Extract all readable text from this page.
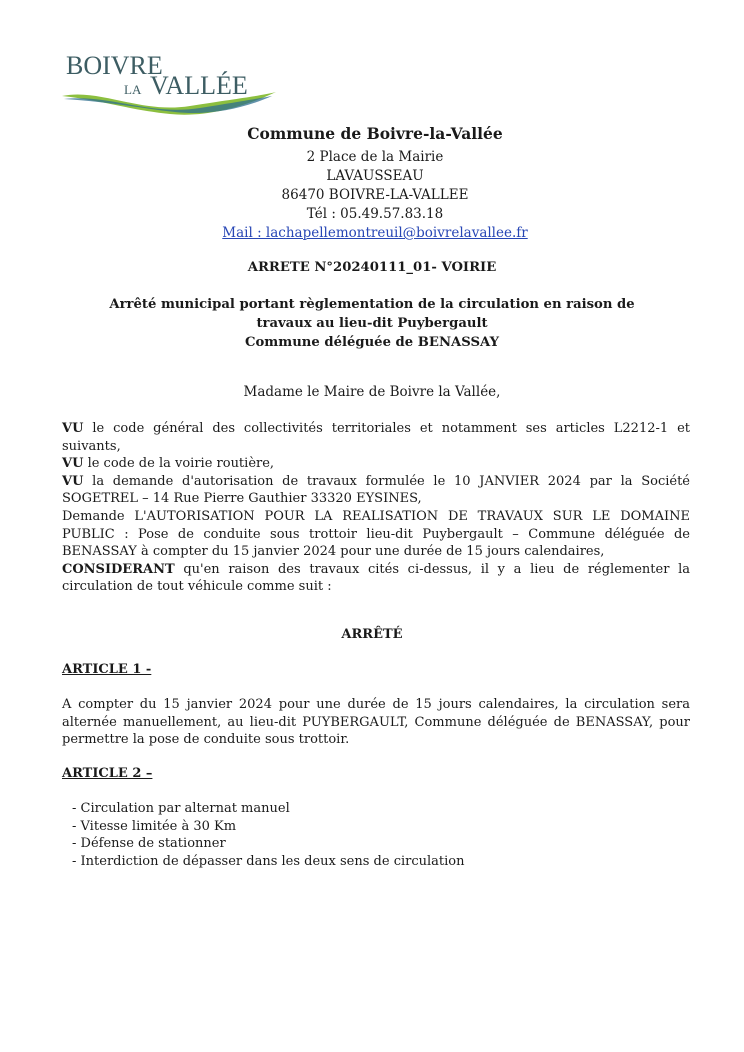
BOIVRE
LA VALLÉE
Commune de Boivre-la-Vallée
2 Place de la Mairie
LAVAUSSEAU
86470 BOIVRE-LA-VALLEE
Tél : 05.49.57.83.18
Mail : lachapellemontreuil@boivrelavallee.fr
ARRETE N°20240111_01- VOIRIE
Arrêté municipal portant règlementation de la circulation en raison de
travaux au lieu-dit Puybergault
Commune déléguée de BENASSAY
Madame le Maire de Boivre la Vallée,

VU le code général des collectivités territoriales et notamment ses articles L2212-1 et suivants,

VU le code de la voirie routière,

VU la demande d'autorisation de travaux formulée le 10 JANVIER 2024 par la Société SOGETREL – 14 Rue Pierre Gauthier 33320 EYSINES,

Demande L'AUTORISATION POUR LA REALISATION DE TRAVAUX SUR LE DOMAINE PUBLIC : Pose de conduite sous trottoir lieu-dit Puybergault – Commune déléguée de BENASSAY à compter du 15 janvier 2024 pour une durée de 15 jours calendaires,

CONSIDERANT qu'en raison des travaux cités ci-dessus, il y a lieu de réglementer la circulation de tout véhicule comme suit :

ARRÊTÉ
ARTICLE 1 -
A compter du 15 janvier 2024 pour une durée de 15 jours calendaires, la circulation sera alternée manuellement, au lieu-dit PUYBERGAULT, Commune déléguée de BENASSAY, pour permettre la pose de conduite sous trottoir.
ARTICLE 2 –
- Circulation par alternat manuel
- Vitesse limitée à 30 Km
- Défense de stationner
- Interdiction de dépasser dans les deux sens de circulation
